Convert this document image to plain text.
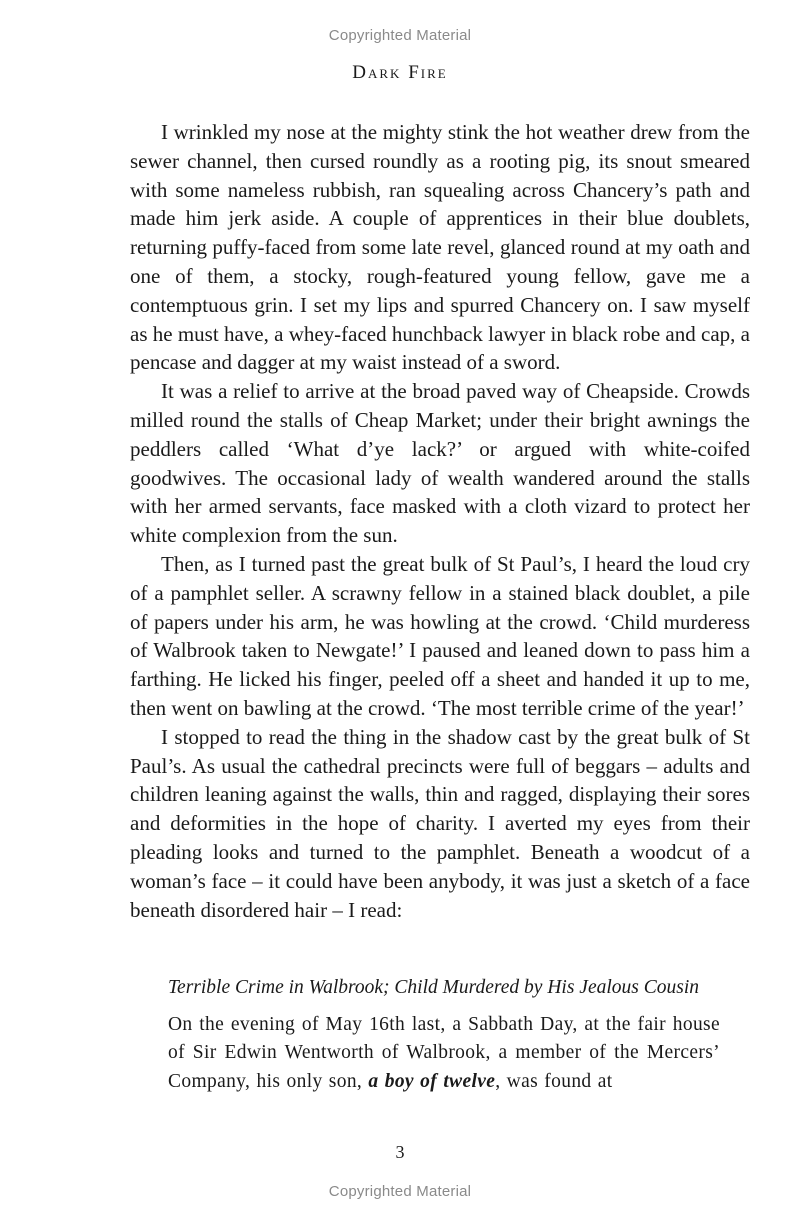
Copyrighted Material
Dark Fire

I wrinkled my nose at the mighty stink the hot weather drew from the sewer channel, then cursed roundly as a rooting pig, its snout smeared with some nameless rubbish, ran squealing across Chancery’s path and made him jerk aside. A couple of apprentices in their blue doublets, returning puffy-faced from some late revel, glanced round at my oath and one of them, a stocky, rough-featured young fellow, gave me a contemptuous grin. I set my lips and spurred Chancery on. I saw myself as he must have, a whey-faced hunchback lawyer in black robe and cap, a pencase and dagger at my waist instead of a sword.

It was a relief to arrive at the broad paved way of Cheapside. Crowds milled round the stalls of Cheap Market; under their bright awnings the peddlers called ‘What d’ye lack?’ or argued with white-coifed goodwives. The occasional lady of wealth wandered around the stalls with her armed servants, face masked with a cloth vizard to protect her white complexion from the sun.

Then, as I turned past the great bulk of St Paul’s, I heard the loud cry of a pamphlet seller. A scrawny fellow in a stained black doublet, a pile of papers under his arm, he was howling at the crowd. ‘Child murderess of Walbrook taken to Newgate!’ I paused and leaned down to pass him a farthing. He licked his finger, peeled off a sheet and handed it up to me, then went on bawling at the crowd. ‘The most terrible crime of the year!’

I stopped to read the thing in the shadow cast by the great bulk of St Paul’s. As usual the cathedral precincts were full of beggars – adults and children leaning against the walls, thin and ragged, displaying their sores and deformities in the hope of charity. I averted my eyes from their pleading looks and turned to the pamphlet. Beneath a woodcut of a woman’s face – it could have been anybody, it was just a sketch of a face beneath disordered hair – I read:

Terrible Crime in Walbrook; Child Murdered by His Jealous Cousin

On the evening of May 16th last, a Sabbath Day, at the fair house of Sir Edwin Wentworth of Walbrook, a member of the Mercers’ Company, his only son, a boy of twelve, was found at

3
Copyrighted Material
